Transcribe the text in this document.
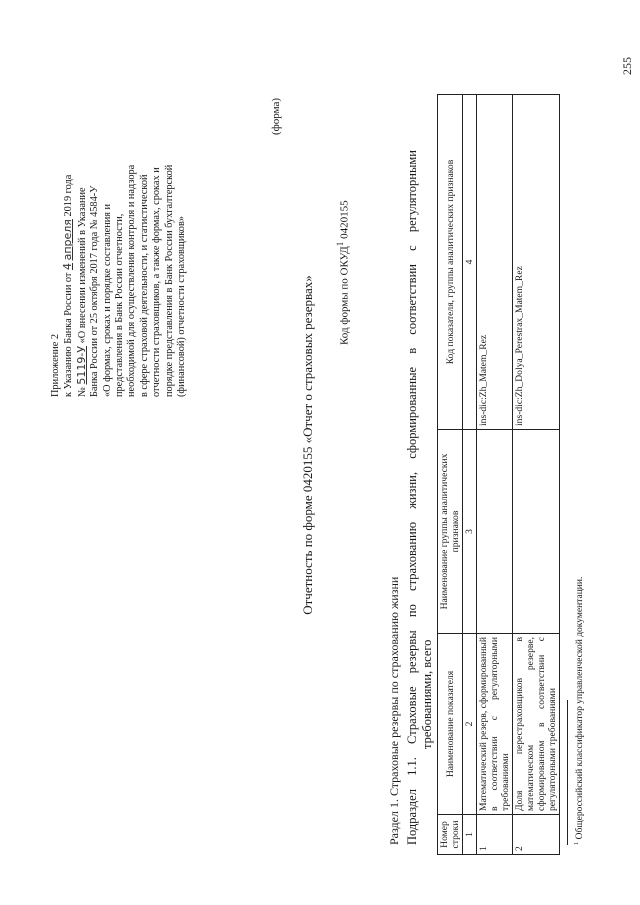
Приложение 2 к Указанию Банка России от 4 апреля 2019 года
№ 5119-У «О внесении изменений в Указание Банка России от 25 октября 2017 года № 4584-У «О формах, сроках и порядке составления и представления в Банк России отчетности, необходимой для осуществления контроля и надзора в сфере страховой деятельности, и статистической отчетности страховщиков, а также формах, сроках и порядке представления в Банк России бухгалтерской (финансовой) отчетности страховщиков»
(форма)
Отчетность по форме 0420155 «Отчет о страховых резервах»	Код формы по ОКУД$^1$ 0420155
Раздел 1. Страховые резервы по страхованию жизни Подраздел
1.1.
Страховые
резервы
по
страхованию
жизни,
сформированные
в
соответствии
с
регуляторными
требованиями, всего
Номер строки	Наименование показателя	Наименование группы аналитических признаков	Код показателя, группы аналитических признаков
1	2	3	4
1	Математический резерв, сформированный в соответствии с регуляторными требованиями		ins-dic:Zh_Matem_Rez
2	Доля перестраховщиков в математическом резерве, сформированном в соответствии с регуляторными требованиями		ins-dic:Zh_Dolya_Perestrax_Matem_Rez
$^1$ Общероссийский классификатор управленческой документации.
255
